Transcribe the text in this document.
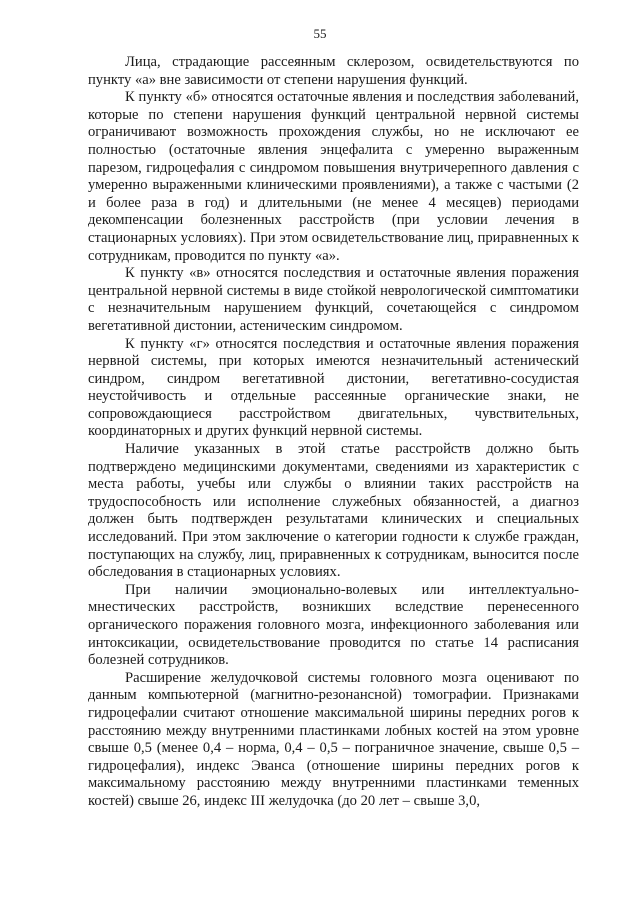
55

Лица, страдающие рассеянным склерозом, освидетельствуются по пункту «а» вне зависимости от степени нарушения функций.

К пункту «б» относятся остаточные явления и последствия заболеваний, которые по степени нарушения функций центральной нервной системы ограничивают возможность прохождения службы, но не исключают ее полностью (остаточные явления энцефалита с умеренно выраженным парезом, гидроцефалия с синдромом повышения внутричерепного давления с умеренно выраженными клиническими проявлениями), а также с частыми (2 и более раза в год) и длительными (не менее 4 месяцев) периодами декомпенсации болезненных расстройств (при условии лечения в стационарных условиях). При этом освидетельствование лиц, приравненных к сотрудникам, проводится по пункту «а».

К пункту «в» относятся последствия и остаточные явления поражения центральной нервной системы в виде стойкой неврологической симптоматики с незначительным нарушением функций, сочетающейся с синдромом вегетативной дистонии, астеническим синдромом.

К пункту «г» относятся последствия и остаточные явления поражения нервной системы, при которых имеются незначительный астенический синдром, синдром вегетативной дистонии, вегетативно-сосудистая неустойчивость и отдельные рассеянные органические знаки, не сопровождающиеся расстройством двигательных, чувствительных, координаторных и других функций нервной системы.

Наличие указанных в этой статье расстройств должно быть подтверждено медицинскими документами, сведениями из характеристик с места работы, учебы или службы о влиянии таких расстройств на трудоспособность или исполнение служебных обязанностей, а диагноз должен быть подтвержден результатами клинических и специальных исследований. При этом заключение о категории годности к службе граждан, поступающих на службу, лиц, приравненных к сотрудникам, выносится после обследования в стационарных условиях.

При наличии эмоционально-волевых или интеллектуально-мнестических расстройств, возникших вследствие перенесенного органического поражения головного мозга, инфекционного заболевания или интоксикации, освидетельствование проводится по статье 14 расписания болезней сотрудников.

Расширение желудочковой системы головного мозга оценивают по данным компьютерной (магнитно-резонансной) томографии. Признаками гидроцефалии считают отношение максимальной ширины передних рогов к расстоянию между внутренними пластинками лобных костей на этом уровне свыше 0,5 (менее 0,4 – норма, 0,4 – 0,5 – пограничное значение, свыше 0,5 – гидроцефалия), индекс Эванса (отношение ширины передних рогов к максимальному расстоянию между внутренними пластинками теменных костей) свыше 26, индекс III желудочка (до 20 лет – свыше 3,0,
